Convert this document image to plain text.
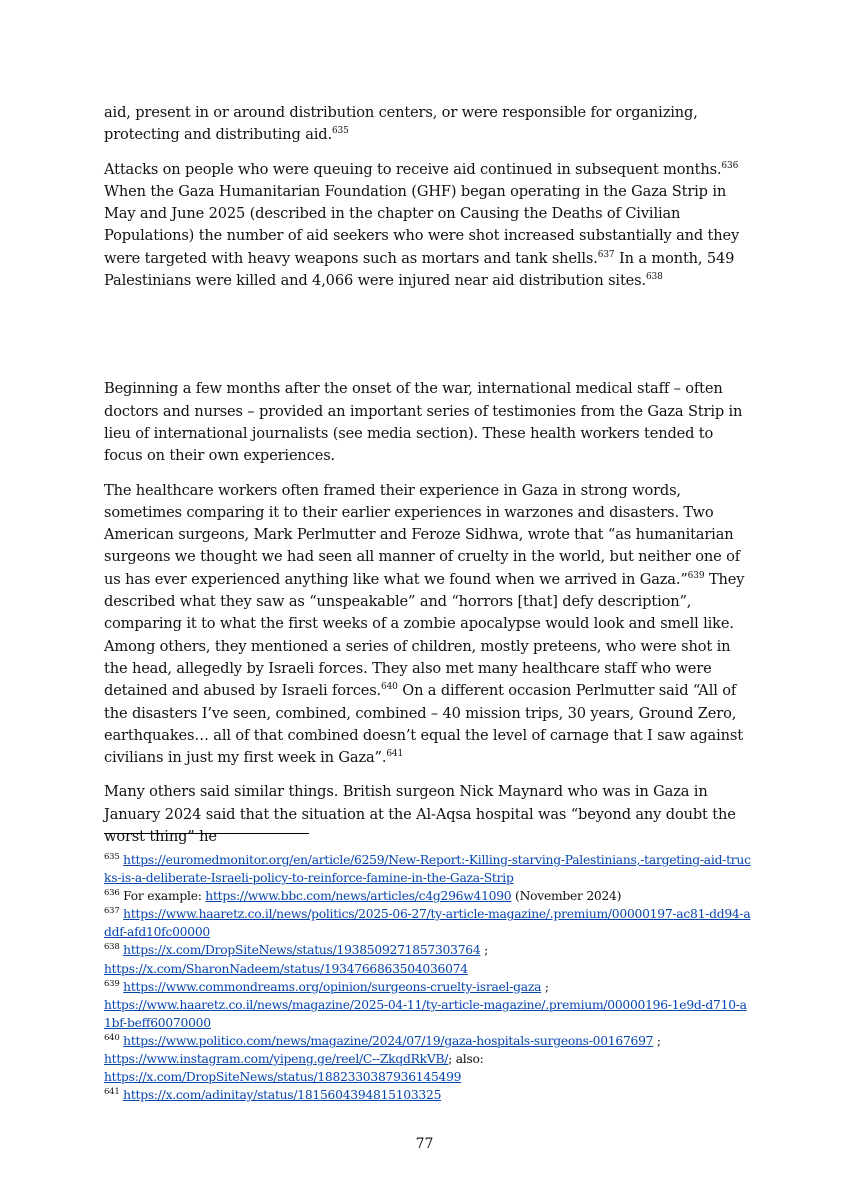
aid, present in or around distribution centers, or were responsible for organizing, protecting and distributing aid.$^{635}$

Attacks on people who were queuing to receive aid continued in subsequent months.$^{636}$ When the Gaza Humanitarian Foundation (GHF) began operating in the Gaza Strip in May and June 2025 (described in the chapter on Causing the Deaths of Civilian Populations) the number of aid seekers who were shot increased substantially and they were targeted with heavy weapons such as mortars and tank shells.$^{637}$ In a month, 549 Palestinians were killed and 4,066 were injured near aid distribution sites.$^{638}$

Beginning a few months after the onset of the war, international medical staff – often doctors and nurses – provided an important series of testimonies from the Gaza Strip in lieu of international journalists (see media section). These health workers tended to focus on their own experiences.

The healthcare workers often framed their experience in Gaza in strong words, sometimes comparing it to their earlier experiences in warzones and disasters. Two American surgeons, Mark Perlmutter and Feroze Sidhwa, wrote that “as humanitarian surgeons we thought we had seen all manner of cruelty in the world, but neither one of us has ever experienced anything like what we found when we arrived in Gaza.”$^{639}$ They described what they saw as “unspeakable” and “horrors [that] defy description”, comparing it to what the first weeks of a zombie apocalypse would look and smell like. Among others, they mentioned a series of children, mostly preteens, who were shot in the head, allegedly by Israeli forces. They also met many healthcare staff who were detained and abused by Israeli forces.$^{640}$ On a different occasion Perlmutter said “All of the disasters I’ve seen, combined, combined – 40 mission trips, 30 years, Ground Zero, earthquakes… all of that combined doesn’t equal the level of carnage that I saw against civilians in just my first week in Gaza”.$^{641}$

Many others said similar things. British surgeon Nick Maynard who was in Gaza in January 2024 said that the situation at the Al-Aqsa hospital was “beyond any doubt the worst thing” he

$^{635}$ https://euromedmonitor.org/en/article/6259/New-Report:-Killing-starving-Palestinians,-targeting-aid-trucks-is-a-deliberate-Israeli-policy-to-reinforce-famine-in-the-Gaza-Strip

$^{636}$ For example: https://www.bbc.com/news/articles/c4g296w41090 (November 2024)

$^{637}$ https://www.haaretz.co.il/news/politics/2025-06-27/ty-article-magazine/.premium/00000197-ac81-dd94-addf-afd10fc00000

$^{638}$ https://x.com/DropSiteNews/status/1938509271857303764 ;
https://x.com/SharonNadeem/status/1934766863504036074

$^{639}$ https://www.commondreams.org/opinion/surgeons-cruelty-israel-gaza ;
https://www.haaretz.co.il/news/magazine/2025-04-11/ty-article-magazine/.premium/00000196-1e9d-d710-a1bf-beff60070000

$^{640}$ https://www.politico.com/news/magazine/2024/07/19/gaza-hospitals-surgeons-00167697 ;
https://www.instagram.com/yipeng.ge/reel/C--ZkqdRkVB/; also:
https://x.com/DropSiteNews/status/1882330387936145499

$^{641}$ https://x.com/adinitay/status/1815604394815103325

77
